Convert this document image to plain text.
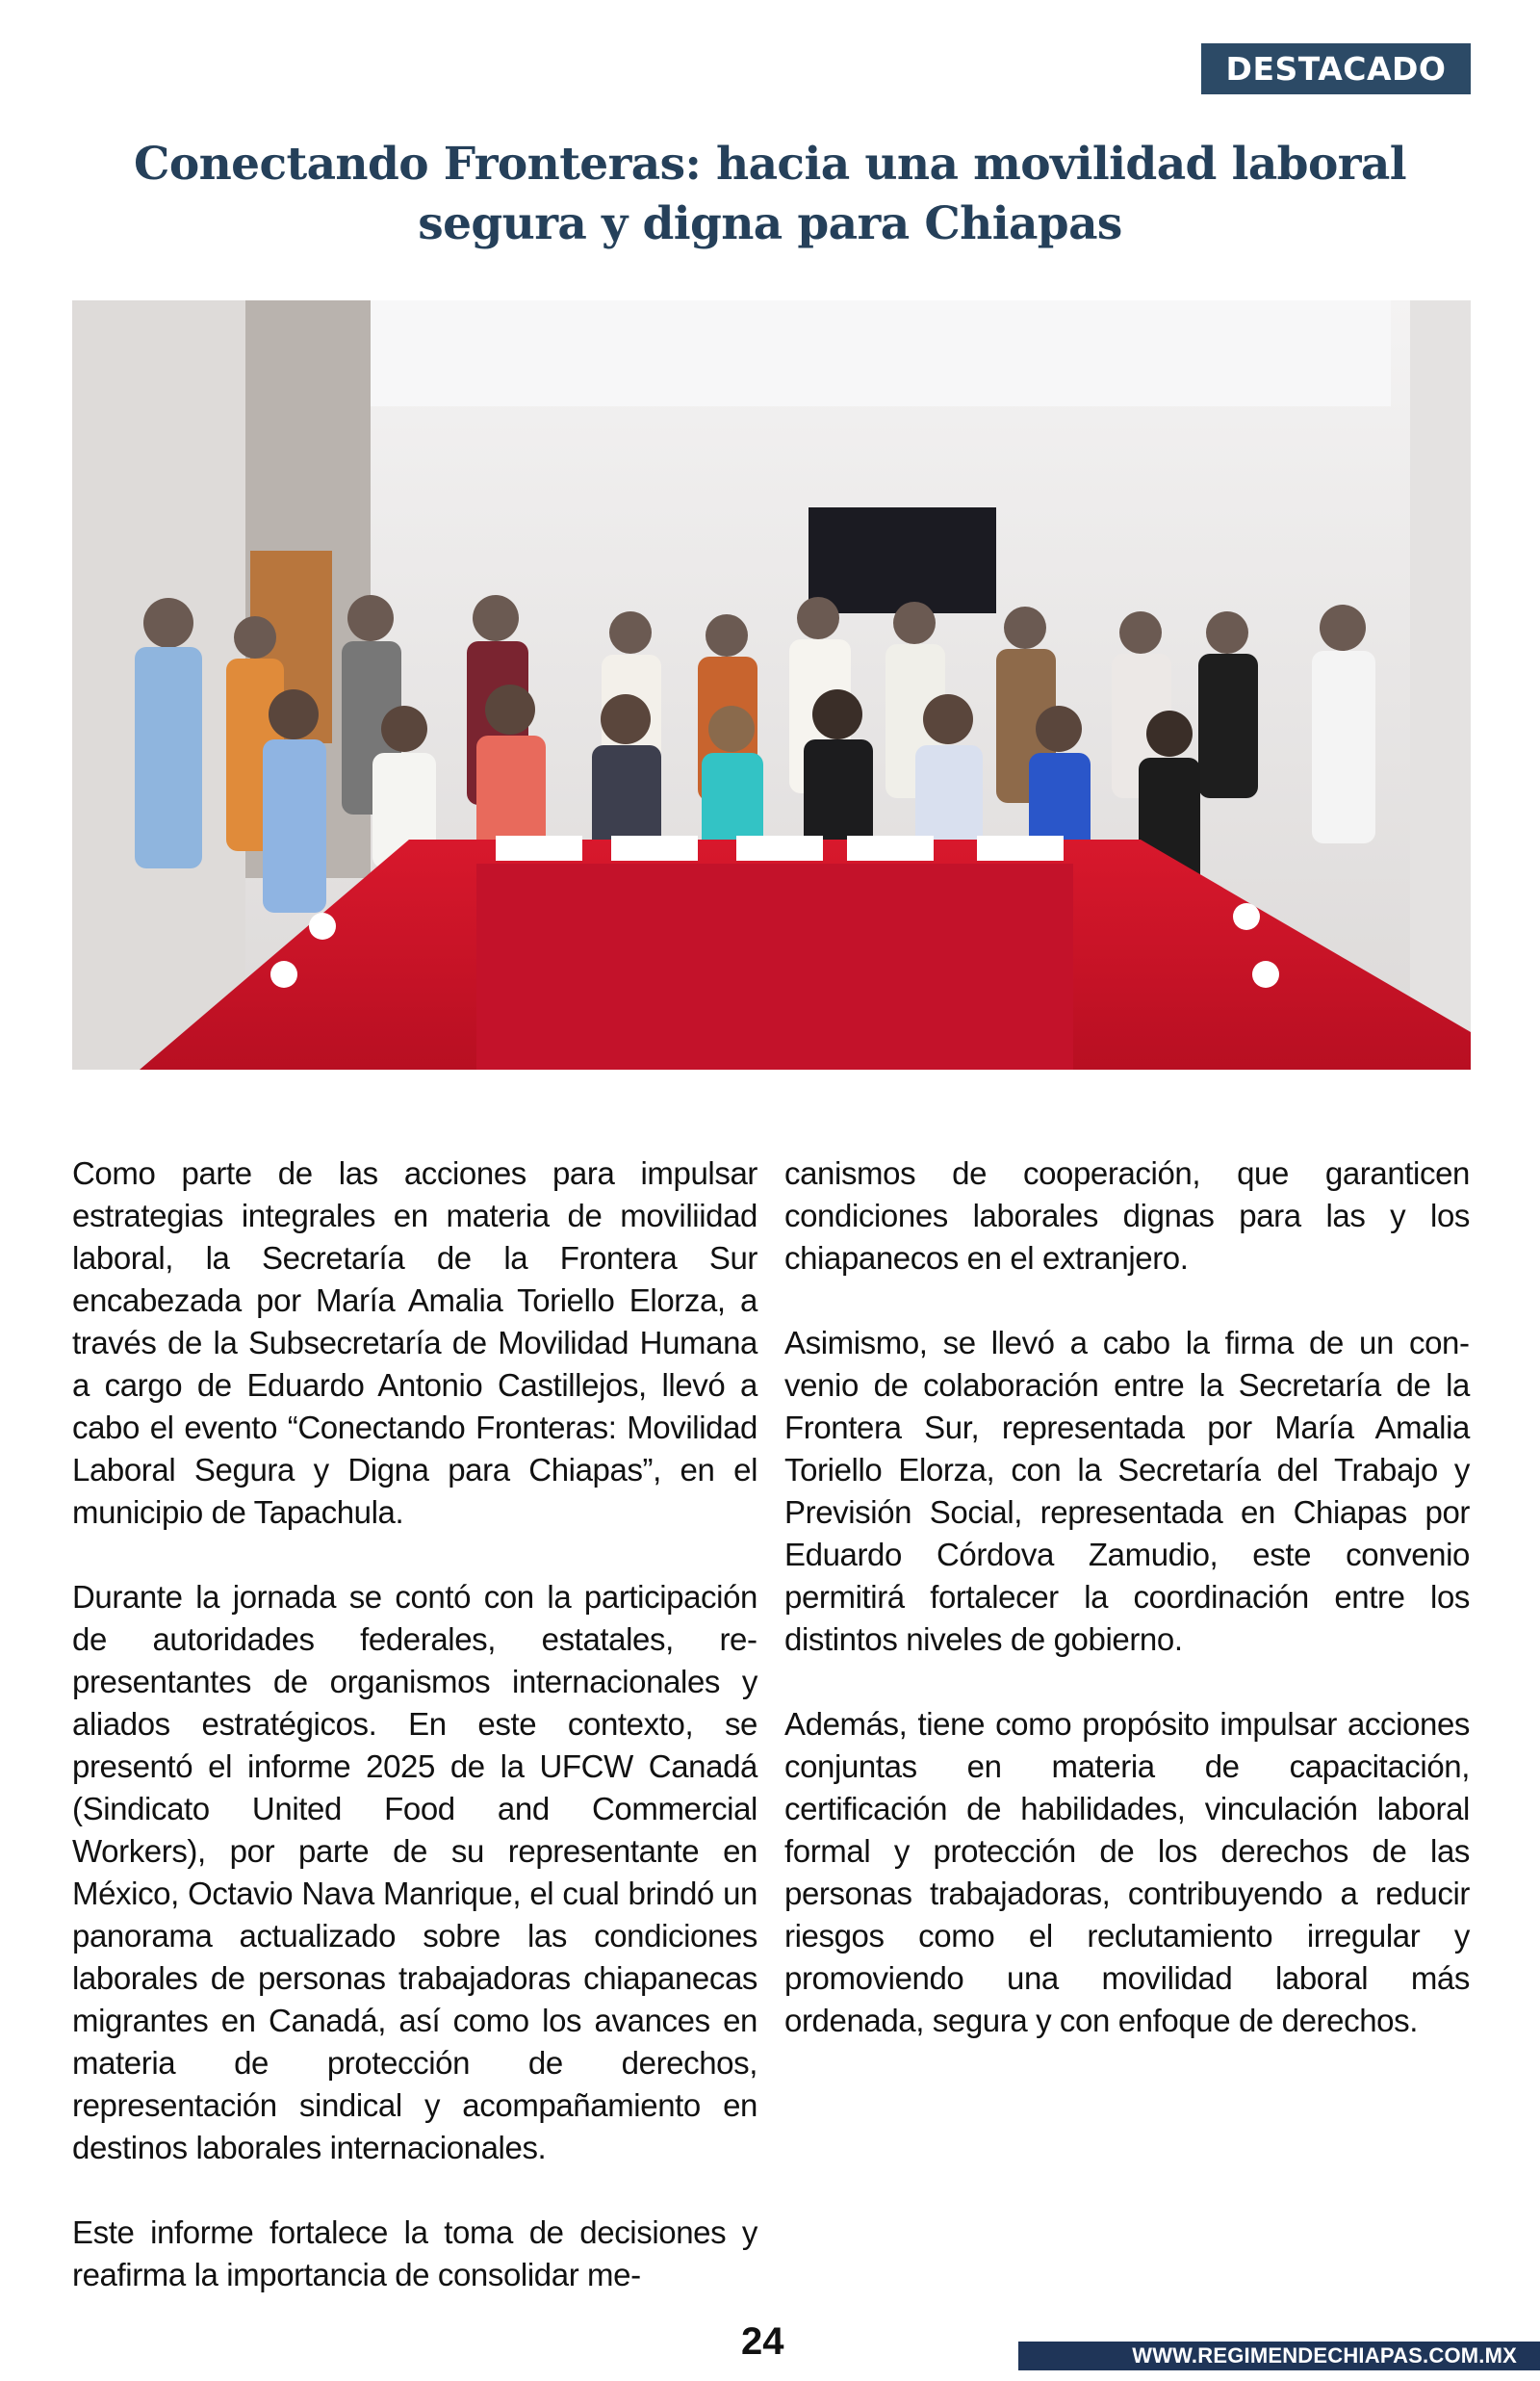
DESTACADO
Conectando Fronteras: hacia una movilidad laboral segura y digna para Chiapas

Como parte de las acciones para impulsar estrategias integrales en materia de moviliidad laboral, la Secretaría de la Frontera Sur encabezada por María Amalia Toriello Elorza, a través de la Subsecretaría de Movilidad Humana a cargo de Eduardo Antonio Castillejos, llevó a cabo el evento “Conectando Fronteras: Movilidad Laboral Segura y Digna para Chiapas”, en el municipio de Tapachula.

Durante la jornada se contó con la participación de autoridades federales, estatales, representantes de organismos internacionales y aliados estratégicos. En este contexto, se presentó el informe 2025 de la UFCW Canadá (Sindicato United Food and Commercial Workers), por parte de su representante en México, Octavio Nava Manrique, el cual brindó un panorama actualizado sobre las condiciones laborales de personas trabajadoras chiapanecas migrantes en Canadá, así como los avances en materia de protección de derechos, representación sindical y acompañamiento en destinos laborales internacionales.

Este informe fortalece la toma de decisiones y reafirma la importancia de consolidar me-

canismos de cooperación, que garanticen condiciones laborales dignas para las y los chiapanecos en el extranjero.

Asimismo, se llevó a cabo la firma de un convenio de colaboración entre la Secretaría de la Frontera Sur, representada por María Amalia Toriello Elorza, con la Secretaría del Trabajo y Previsión Social, representada en Chiapas por Eduardo Córdova Zamudio, este convenio permitirá fortalecer la coordinación entre los distintos niveles de gobierno.

Además, tiene como propósito impulsar acciones conjuntas en materia de capacitación, certificación de habilidades, vinculación laboral formal y protección de los derechos de las personas trabajadoras, contribuyendo a reducir riesgos como el reclutamiento irregular y promoviendo una movilidad laboral más ordenada, segura y con enfoque de derechos.

24	WWW.REGIMENDECHIAPAS.COM.MX
